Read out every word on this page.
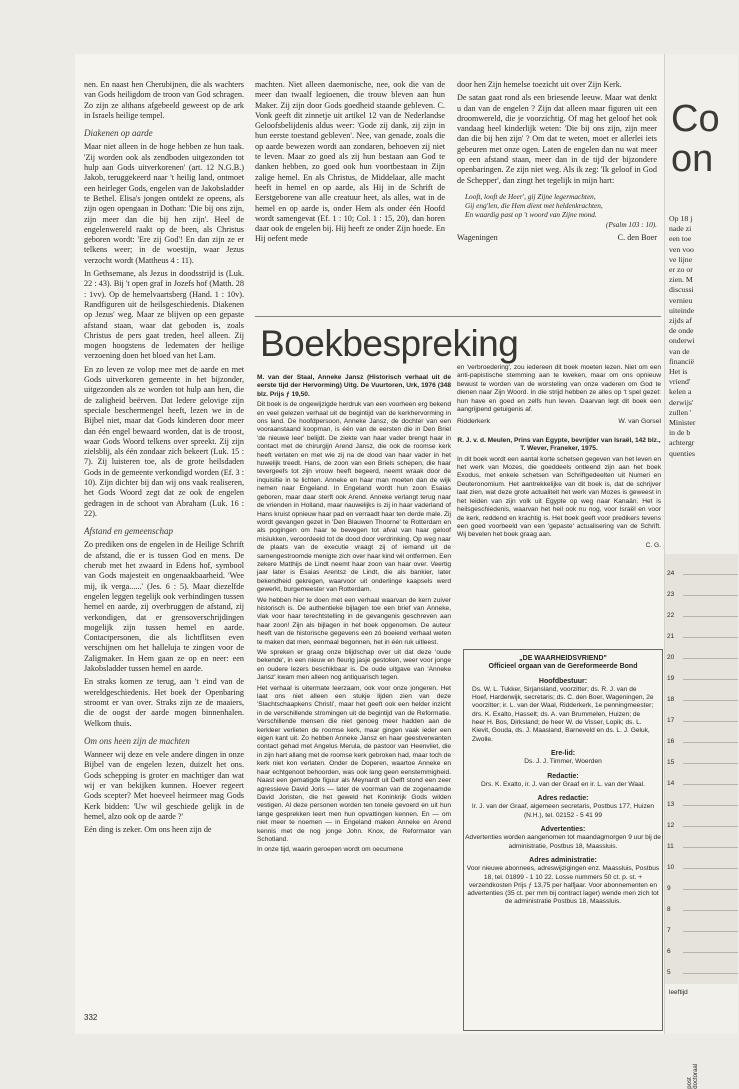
nen. En naast hen Cherubijnen, die als wachters van Gods heiligdom de troon van God schragen. Zo zijn ze althans afgebeeld geweest op de ark in Israels heilige tempel.

Diakenen op aarde

Maar niet alleen in de hoge hebben ze hun taak. 'Zij worden ook als zendboden uitgezonden tot hulp aan Gods uitverkorenen' (art. 12 N.G.B.) Jakob, teruggekeerd naar 't heilig land, ontmoet een heirleger Gods, engelen van de Jakobsladder te Bethel. Elisa's jongen ontdekt ze opeens, als zijn ogen opengaan in Dothan: 'Die bij ons zijn, zijn meer dan die bij hen zijn'. Heel de engelenwereld raakt op de been, als Christus geboren wordt: 'Ere zij God'! En dan zijn ze er telkens weer; in de woestijn, waar Jezus verzocht wordt (Mattheus 4 : 11).

In Gethsemane, als Jezus in doodsstrijd is (Luk. 22 : 43). Bij 't open graf in Jozefs hof (Matth. 28 : 1vv). Op de hemelvaartsberg (Hand. 1 : 10v). Randfiguren uit de heilsgeschiedenis. Diakenen op Jezus' weg. Maar ze blijven op een gepaste afstand staan, waar dat geboden is, zoals Christus de pers gaat treden, heel alleen. Zij mogen hoogstens de ledematen der heilige verzoening doen het bloed van het Lam.

En zo leven ze volop mee met de aarde en met Gods uitverkoren gemeente in het bijzonder, uitgezonden als ze worden tot hulp aan hen, die de zaligheid beërven. Dat ledere gelovige zijn speciale beschermengel heeft, lezen we in de Bijbel niet, maar dat Gods kinderen door meer dan één engel bewaard worden, dat is de troost, waar Gods Woord telkens over spreekt. Zij zijn zielsblij, als één zondaar zich bekeert (Luk. 15 : 7). Zij luisteren toe, als de grote heilsdaden Gods in de gemeente verkondigd worden (Ef. 3 : 10). Zijn dichter bij dan wij ons vaak realiseren, het Gods Woord zegt dat ze ook de engelen gedragen in de schoot van Abraham (Luk. 16 : 22).

Afstand en gemeenschap

Zo prediken ons de engelen in de Heilige Schrift de afstand, die er is tussen God en mens. De cherub met het zwaard in Edens hof, symbool van Gods majesteit en ongenaakbaarheid. 'Wee mij, ik verga......' (Jes. 6 : 5). Maar diezelfde engelen leggen tegelijk ook verbindingen tussen hemel en aarde, zij overbruggen de afstand, zij verkondigen, dat er grensoverschrijdingen mogelijk zijn tussen hemel en aarde. Contactpersonen, die als lichtflitsen even verschijnen om het halleluja te zingen voor de Zaligmaker. In Hem gaan ze op en neer: een Jakobsladder tussen hemel en aarde.

En straks komen ze terug, aan 't eind van de wereldgeschiedenis. Het boek der Openbaring stroomt er van over. Straks zijn ze de maaiers, die de oogst der aarde mogen binnenhalen. Welkom thuis.

Om ons heen zijn de machten

Wanneer wij deze en vele andere dingen in onze Bijbel van de engelen lezen, duizelt het ons. Gods schepping is groter en machtiger dan wat wij er van bekijken kunnen. Hoever regeert Gods scepter? Met hoeveel heirmeer mag Gods Kerk bidden: 'Uw wil geschiede gelijk in de hemel, alzo ook op de aarde ?'

Eén ding is zeker. Om ons heen zijn de

machten. Niet alleen daemonische, nee, ook die van de meer dan twaalf legioenen, die trouw bleven aan hun Maker. Zij zijn door Gods goedheid staande gebleven. C. Vonk geeft dit zinnetje uit artikel 12 van de Nederlandse Geloofsbelijdenis aldus weer: 'Gode zij dank, zij zijn in hun eerste toestand gebleven'. Nee, van genade, zoals die op aarde bewezen wordt aan zondaren, behoeven zij niet te leven. Maar zo goed als zij hun bestaan aan God te danken hebben, zo goed ook hun voortbestaan in Zijn zalige hemel. En als Christus, de Middelaar, alle macht heeft in hemel en op aarde, als Hij in de Schrift de Eerstgeborene van alle creatuur heet, als alles, wat in de hemel en op aarde is, onder Hem als onder één Hoofd wordt samengevat (Ef. 1 : 10; Col. 1 : 15, 20), dan horen daar ook de engelen bij. Hij heeft ze onder Zijn hoede. En Hij oefent mede

door hen Zijn hemelse toezicht uit over Zijn Kerk.

De satan gaat rond als een briesende leeuw. Maar wat denkt u dan van de engelen ? Zijn dat alleen maar figuren uit een droomwereld, die je voorzichtig. Of mag het geloof het ook vandaag heel kinderlijk weten: 'Die bij ons zijn, zijn meer dan die bij hen zijn' ? Om dat te weten, moet er allerlei iets gebeuren met onze ogen. Laten de engelen dan nu wat meer op een afstand staan, meer dan in de tijd der bijzondere openbaringen. Ze zijn niet weg. Als ik zeg: 'Ik geloof in God de Schepper', dan zingt het tegelijk in mijn hart:

Looft, looft de Heer', gij Zijne legermachten,
Gij eng'len, die Hem dient met heldenkrachten,
En waardig past op 't woord van Zijne mond.
(Psalm 103 : 10).
Wageningen	C. den Boer
Boekbespreking

M. van der Staal, Anneke Jansz (Historisch verhaal uit de eerste tijd der Hervorming) Uitg. De Vuurtoren, Urk, 1976 (348 blz. Prijs ƒ 19,50.

Dit boek is de ongewijzigde herdruk van een voorheen erg bekend en veel gelezen verhaal uit de begintijd van de kerkhervorming in ons land. De hoofdpersoon, Anneke Jansz, de dochter van een vooraanstaand koopman, is één van de eersten die in Den Briel 'de nieuwe leer' belijdt. De ziekte van haar vader brengt haar in contact met de chirurgijn Arend Jansz, die ook de roomse kerk heeft verlaten en met wie zij na de dood van haar vader in het huwelijk treedt. Hans, de zoon van een Briels schepen, die haar tevergeefs tot zijn vrouw heeft begeerd, neemt wraak door de inquisitie in te lichten. Anneke en haar man moeten dan de wijk nemen naar Engeland. In Engeland wordt hun zoon Esaias geboren, maar daar sterft ook Arend. Anneke verlangt terug naar de vrienden in Holland, maar nauwelijks is zij in haar vaderland of Hans kruist opnieuw haar pad en verraadt haar ten derde male. Zij wordt gevangen gezet in 'Den Blauwen Thoorne' te Rotterdam en als pogingen om haar te bewegen tot afval van haar geloof mislukken, veroordeeld tot de dood door verdrinking. Op weg naar de plaats van de executie vraagt zij of iemand uit de samengestroomde menigte zich over haar kind wil ontfermen. Een zekere Matthijs de Lindt neemt haar zoon van haar over. Veertig jaar later is Esaias Arentsz de Lindt, die als bankier, later bekendheid gekregen, waarvoor uit onderlinge kaapsels werd gewerkt, burgemeester van Rotterdam.

We hebben hier te doen met een verhaal waarvan de kern zuiver historisch is. De authentieke bijlagen toe een brief van Anneke, vlak voor haar terechtstelling in de gevangenis geschreven aan haar zoon! Zijn als bijlagen in het boek opgenomen. De auteur heeft van de historische gegevens een zó boeiend verhaal weten te maken dat men, eenmaal begonnen, het in één ruk uitleest.

We spreken er graag onze blijdschap over uit dat deze 'oude bekende', in een nieuw en fleurig jasje gestoken, weer voor jonge en oudere lezers beschikbaar is. De oude uitgave van 'Anneke Jansz' kwam men alleen nog antiquarisch tegen.

Het verhaal is uitermate leerzaam, ook voor onze jongeren. Het laat ons niet alleen een stukje lijden zien van deze 'Slachtschaapkens Christi', maar het geeft ook een helder inzicht in de verschillende stromingen uit de begintijd van de Reformatie. Verschillende mensen die niet genoeg meer hadden aan de kerkleer verlieten de roomse kerk, maar gingen vaak ieder een eigen kant uit. Zo hebben Anneke Jansz en haar geestverwanten contact gehad met Angelus Merula, de pastoor van Heenvliet, die in zijn hart allang met de roomse kerk gebroken had, maar toch de kerk niet kon verlaten. Onder de Doperen, waartoe Anneke en haar echtgenoot behoorden, was ook lang geen eenstemmigheid. Naast een gematigde figuur als Meynardt uit Delft stond een zeer agressieve David Joris — later de voorman van de zogenaamde David Joristen, die het geweld het Koninkrijk Gods wilden vestigen. Al deze personen worden ten tonele gevoerd en uit hun lange gesprekken leert men hun opvattingen kennen. En — om niet meer te noemen — in Engeland maken Anneke en Arend kennis met de nog jonge John. Knox, de Reformator van Schotland.

In onze tijd, waarin geroepen wordt om oecumene

en 'verbroedering', zou iedereen dit boek moeten lezen. Niet om een anti-papistische stemming aan te kweken, maar om ons opnieuw bewust te worden van de worsteling van onze vaderen om God te dienen naar Zijn Woord. In die strijd hebben ze alles op 't spel gezet: hun have en goed en zelfs hun leven. Daarvan legt dit boek een aangrijpend getuigenis af.

Ridderkerk	W. van Gorsel

R. J. v. d. Meulen, Prins van Egypte, bevrijder van Israël, 142 blz., T. Wever, Franeker, 1975.

In dit boek wordt een aantal korte schetsen gegeven van het leven en het werk van Mozes, die goeddeels ontleend zijn aan het boek Exodus, met enkele schetsen van Schriftgedeelten uit Numeri en Deuteronomium. Het aantrekkelijke van dit boek is, dat de schrijver laat zien, wat deze grote actualiteit het werk van Mozes is geweest in het leiden van zijn volk uit Egypte op weg naar Kanaän. Het is heilsgeschiedenis, waarvan het heil ook nu nog, voor Israël en voor de kerk, reddend en krachtig is. Het boek geeft voor predikers tevens een goed voorbeeld van een 'gepaste' actualisering van de Schrift. Wij bevelen het boek graag aan.

C. G.

„DE WAARHEIDSVRIEND"
Officieel orgaan van de Gereformeerde Bond
Hoofdbestuur:
Ds. W. L. Tukker, Sirjansland, voorzitter; ds. R. J. van de Hoef, Harderwijk, secretaris; ds. C. den Boer, Wageningen, 2e voorzitter; ir. L. van der Waal, Ridderkerk, 1e penningmeester; drs. K. Exalto, Hasselt; ds. A. van Brummelen, Huizen; de heer H. Bos, Dirksland; de heer W. de Visser, Lopik; ds. L. Kievit, Gouda, ds. J. Maasland, Barneveld en ds. L. J. Geluk, Zwolle.
Ere-lid:
Ds. J. J. Timmer, Woerden
Redactie:
Drs. K. Exalto, ir. J. van der Graaf en ir. L. van der Waal.
Adres redactie:
Ir. J. van der Graaf, algemeen secretaris, Postbus 177, Huizen (N.H.), tel. 02152 - 5 41 99
Advertenties:
Advertenties worden aangenomen tot maandagmorgen 9 uur bij de administratie, Postbus 18, Maassluis.
Adres administratie:
Voor nieuwe abonnees, adreswijzigingen enz. Maassluis, Postbus 18, tel. 01899 - 1 10 22. Losse nummers 50 ct. p. st. + verzendkosten Prijs ƒ 13,75 per halfjaar. Voor abonnementen en advertenties (35 ct. per mm bij contract lager) wende men zich tot de administratie Postbus 18, Maassluis.
332
Co
on
Op 18 j
nade zi
een toe
ven voo
ve lijne
er zo or
zien. M
discussi
vernieu
uiteinde
zijds af
de onde
onderwi
van de
financië
Het is
vriend'
kelen a
derwijs'
zullen '
Minister
in de b
achtergr
quenties
post doctoraal
24
23
22
21
20
19
18
17
16
15
14
13
12
11
10
9
8
7
6
5
leeftijd
